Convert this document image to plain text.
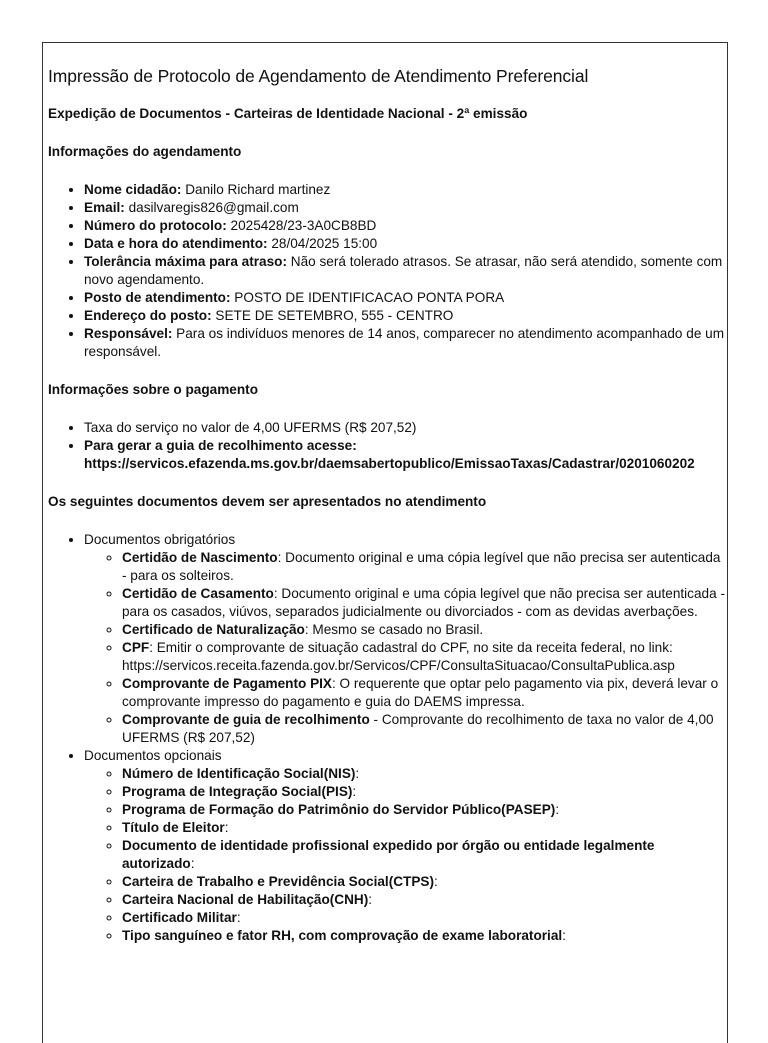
Impressão de Protocolo de Agendamento de Atendimento Preferencial
Expedição de Documentos - Carteiras de Identidade Nacional - 2ª emissão
Informações do agendamento
• Nome cidadão: Danilo Richard martinez
• Email: dasilvaregis826@gmail.com
• Número do protocolo: 2025428/23-3A0CB8BD
• Data e hora do atendimento: 28/04/2025 15:00
• Tolerância máxima para atraso: Não será tolerado atrasos. Se atrasar, não será atendido, somente com novo agendamento.
• Posto de atendimento: POSTO DE IDENTIFICACAO PONTA PORA
• Endereço do posto: SETE DE SETEMBRO, 555 - CENTRO
• Responsável: Para os indivíduos menores de 14 anos, comparecer no atendimento acompanhado de um responsável.
Informações sobre o pagamento
• Taxa do serviço no valor de 4,00 UFERMS (R$ 207,52)
• Para gerar a guia de recolhimento acesse:
https://servicos.efazenda.ms.gov.br/daemsabertopublico/EmissaoTaxas/Cadastrar/0201060202
Os seguintes documentos devem ser apresentados no atendimento
• Documentos obrigatórios
◦ Certidão de Nascimento: Documento original e uma cópia legível que não precisa ser autenticada - para os solteiros.
◦ Certidão de Casamento: Documento original e uma cópia legível que não precisa ser autenticada - para os casados, viúvos, separados judicialmente ou divorciados - com as devidas averbações.
◦ Certificado de Naturalização: Mesmo se casado no Brasil.
◦ CPF: Emitir o comprovante de situação cadastral do CPF, no site da receita federal, no link: https://servicos.receita.fazenda.gov.br/Servicos/CPF/ConsultaSituacao/ConsultaPublica.asp
◦ Comprovante de Pagamento PIX: O requerente que optar pelo pagamento via pix, deverá levar o comprovante impresso do pagamento e guia do DAEMS impressa.
◦ Comprovante de guia de recolhimento - Comprovante do recolhimento de taxa no valor de 4,00 UFERMS (R$ 207,52)
• Documentos opcionais
◦ Número de Identificação Social(NIS):
◦ Programa de Integração Social(PIS):
◦ Programa de Formação do Patrimônio do Servidor Público(PASEP):
◦ Título de Eleitor:
◦ Documento de identidade profissional expedido por órgão ou entidade legalmente autorizado:
◦ Carteira de Trabalho e Previdência Social(CTPS):
◦ Carteira Nacional de Habilitação(CNH):
◦ Certificado Militar:
◦ Tipo sanguíneo e fator RH, com comprovação de exame laboratorial:
